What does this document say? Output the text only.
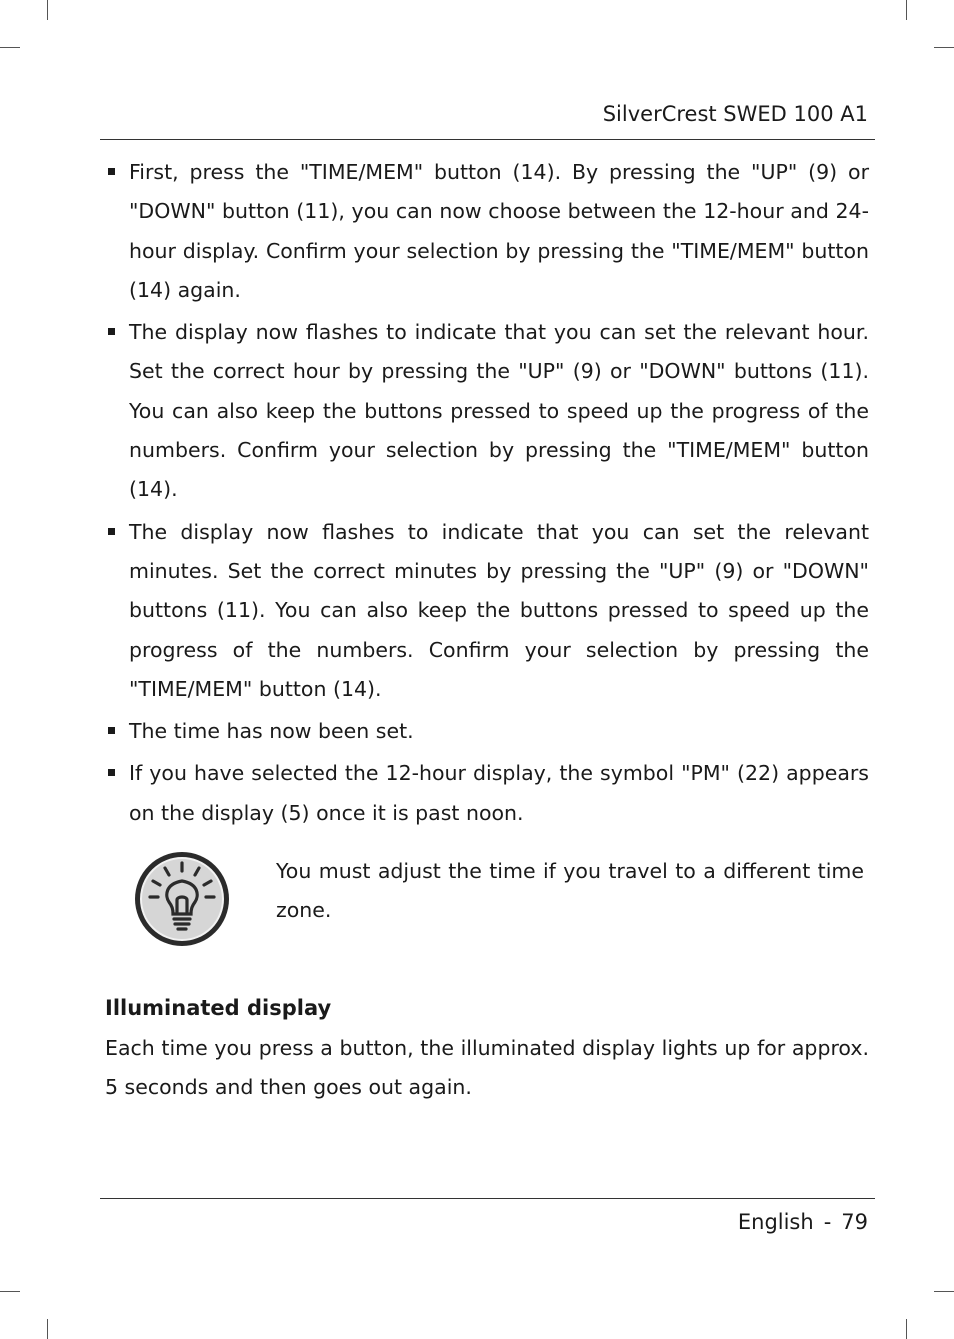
SilverCrest SWED 100 A1
First, press the "TIME/MEM" button (14). By pressing the "UP" (9) or "DOWN" button (11), you can now choose between the 12-hour and 24-hour display. Confirm your selection by pressing the "TIME/MEM" button (14) again.
The display now flashes to indicate that you can set the relevant hour. Set the correct hour by pressing the "UP" (9) or "DOWN" buttons (11). You can also keep the buttons pressed to speed up the progress of the numbers. Confirm your selection by pressing the "TIME/MEM" button (14).
The display now flashes to indicate that you can set the relevant minutes. Set the correct minutes by pressing the "UP" (9) or "DOWN" buttons (11). You can also keep the buttons pressed to speed up the progress of the numbers. Confirm your selection by pressing the "TIME/MEM" button (14).
The time has now been set.
If you have selected the 12-hour display, the symbol "PM" (22) appears on the display (5) once it is past noon.
You must adjust the time if you travel to a different time zone.
Illuminated display

Each time you press a button, the illuminated display lights up for approx. 5 seconds and then goes out again.

English - 79
